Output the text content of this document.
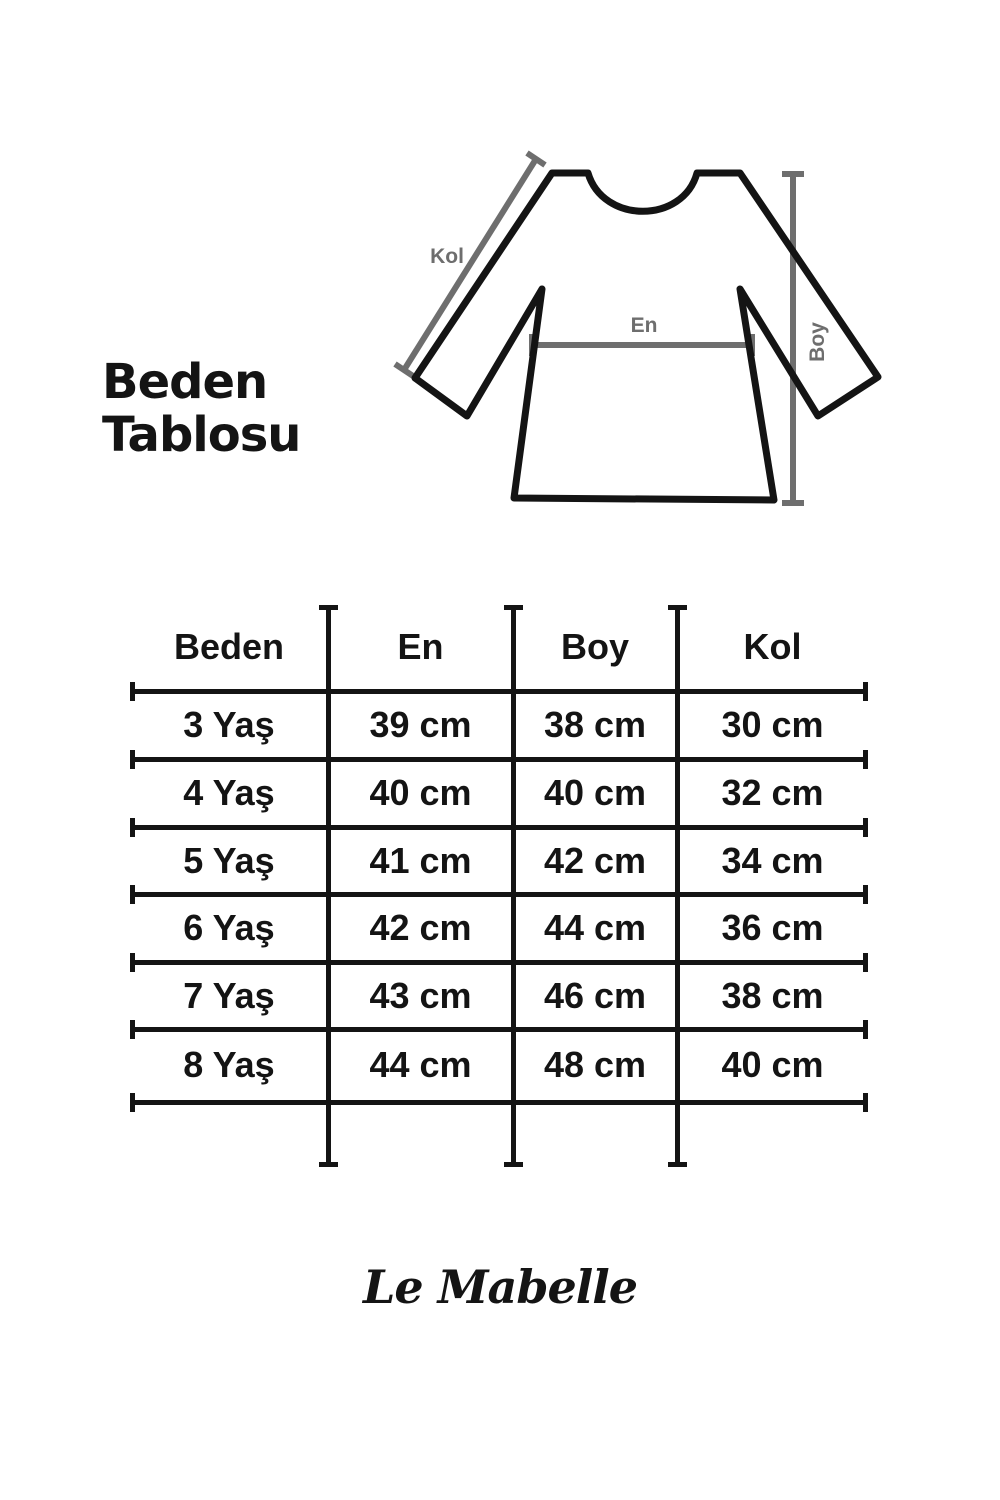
Kol
En	Boy
Beden
Tablosu
Beden	En	Boy	Kol
3 Yaş	39 cm	38 cm	30 cm
4 Yaş	40 cm	40 cm	32 cm
5 Yaş	41 cm	42 cm	34 cm
6 Yaş	42 cm	44 cm	36 cm
7 Yaş	43 cm	46 cm	38 cm
8 Yaş	44 cm	48 cm	40 cm
Le Mabelle
